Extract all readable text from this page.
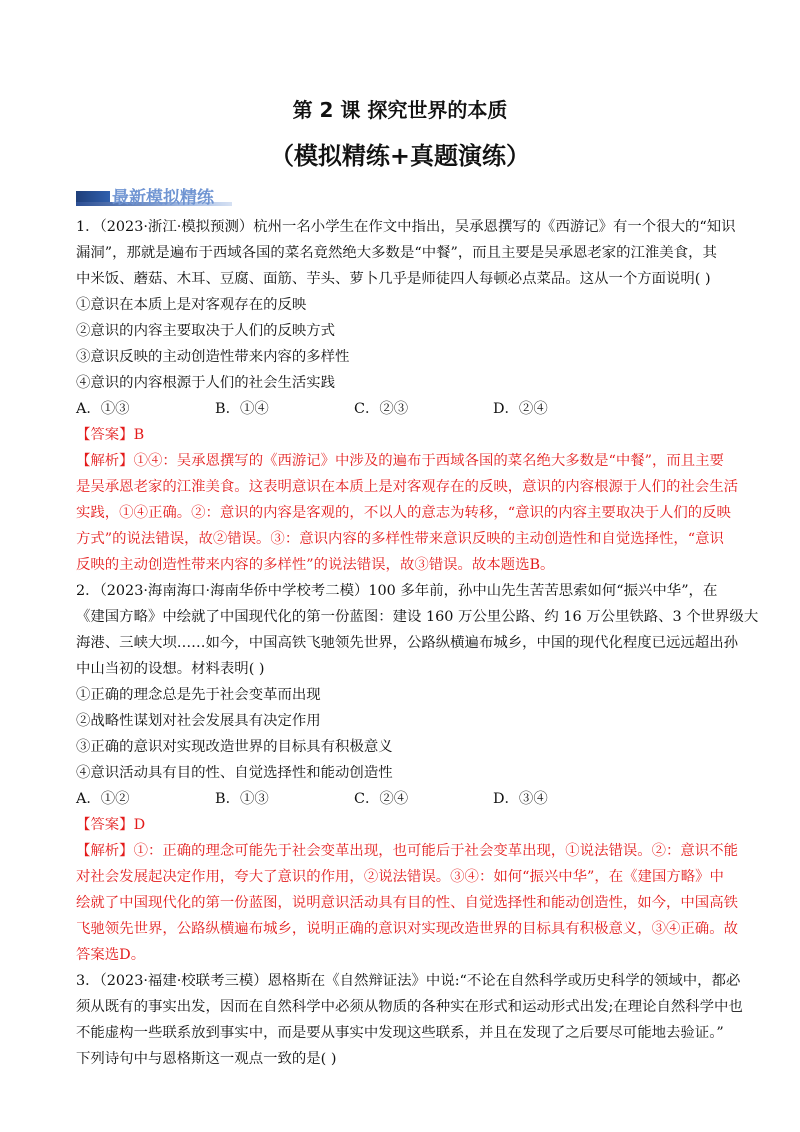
第 2 课 探究世界的本质
（模拟精练+真题演练）
最新模拟精练
1．（2023·浙江·模拟预测）杭州一名小学生在作文中指出，吴承恩撰写的《西游记》有一个很大的“知识
漏洞”，那就是遍布于西域各国的菜名竟然绝大多数是“中餐”，而且主要是吴承恩老家的江淮美食，其
中米饭、蘑菇、木耳、豆腐、面筋、芋头、萝卜几乎是师徒四人每顿必点菜品。这从一个方面说明( )
①意识在本质上是对客观存在的反映
②意识的内容主要取决于人们的反映方式
③意识反映的主动创造性带来内容的多样性
④意识的内容根源于人们的社会生活实践
A．①③	B．①④	C．②③	D．②④
【答案】B
【解析】①④：吴承恩撰写的《西游记》中涉及的遍布于西域各国的菜名绝大多数是“中餐”，而且主要
是吴承恩老家的江淮美食。这表明意识在本质上是对客观存在的反映，意识的内容根源于人们的社会生活
实践，①④正确。②：意识的内容是客观的，不以人的意志为转移，“意识的内容主要取决于人们的反映
方式”的说法错误，故②错误。③：意识内容的多样性带来意识反映的主动创造性和自觉选择性，“意识
反映的主动创造性带来内容的多样性”的说法错误，故③错误。故本题选B。
2．（2023·海南海口·海南华侨中学校考二模）100 多年前，孙中山先生苦苦思索如何“振兴中华”，在
《建国方略》中绘就了中国现代化的第一份蓝图：建设 160 万公里公路、约 16 万公里铁路、3 个世界级大
海港、三峡大坝……如今，中国高铁飞驰领先世界，公路纵横遍布城乡，中国的现代化程度已远远超出孙
中山当初的设想。材料表明( )
①正确的理念总是先于社会变革而出现
②战略性谋划对社会发展具有决定作用
③正确的意识对实现改造世界的目标具有积极意义
④意识活动具有目的性、自觉选择性和能动创造性
A．①②	B．①③	C．②④	D．③④
【答案】D
【解析】①：正确的理念可能先于社会变革出现，也可能后于社会变革出现，①说法错误。②：意识不能
对社会发展起决定作用，夸大了意识的作用，②说法错误。③④：如何“振兴中华”，在《建国方略》中
绘就了中国现代化的第一份蓝图，说明意识活动具有目的性、自觉选择性和能动创造性，如今，中国高铁
飞驰领先世界，公路纵横遍布城乡，说明正确的意识对实现改造世界的目标具有积极意义，③④正确。故
答案选D。
3．（2023·福建·校联考三模）恩格斯在《自然辩证法》中说:“不论在自然科学或历史科学的领域中，都必
须从既有的事实出发，因而在自然科学中必须从物质的各种实在形式和运动形式出发;在理论自然科学中也
不能虚构一些联系放到事实中，而是要从事实中发现这些联系，并且在发现了之后要尽可能地去验证。”
下列诗句中与恩格斯这一观点一致的是( )
